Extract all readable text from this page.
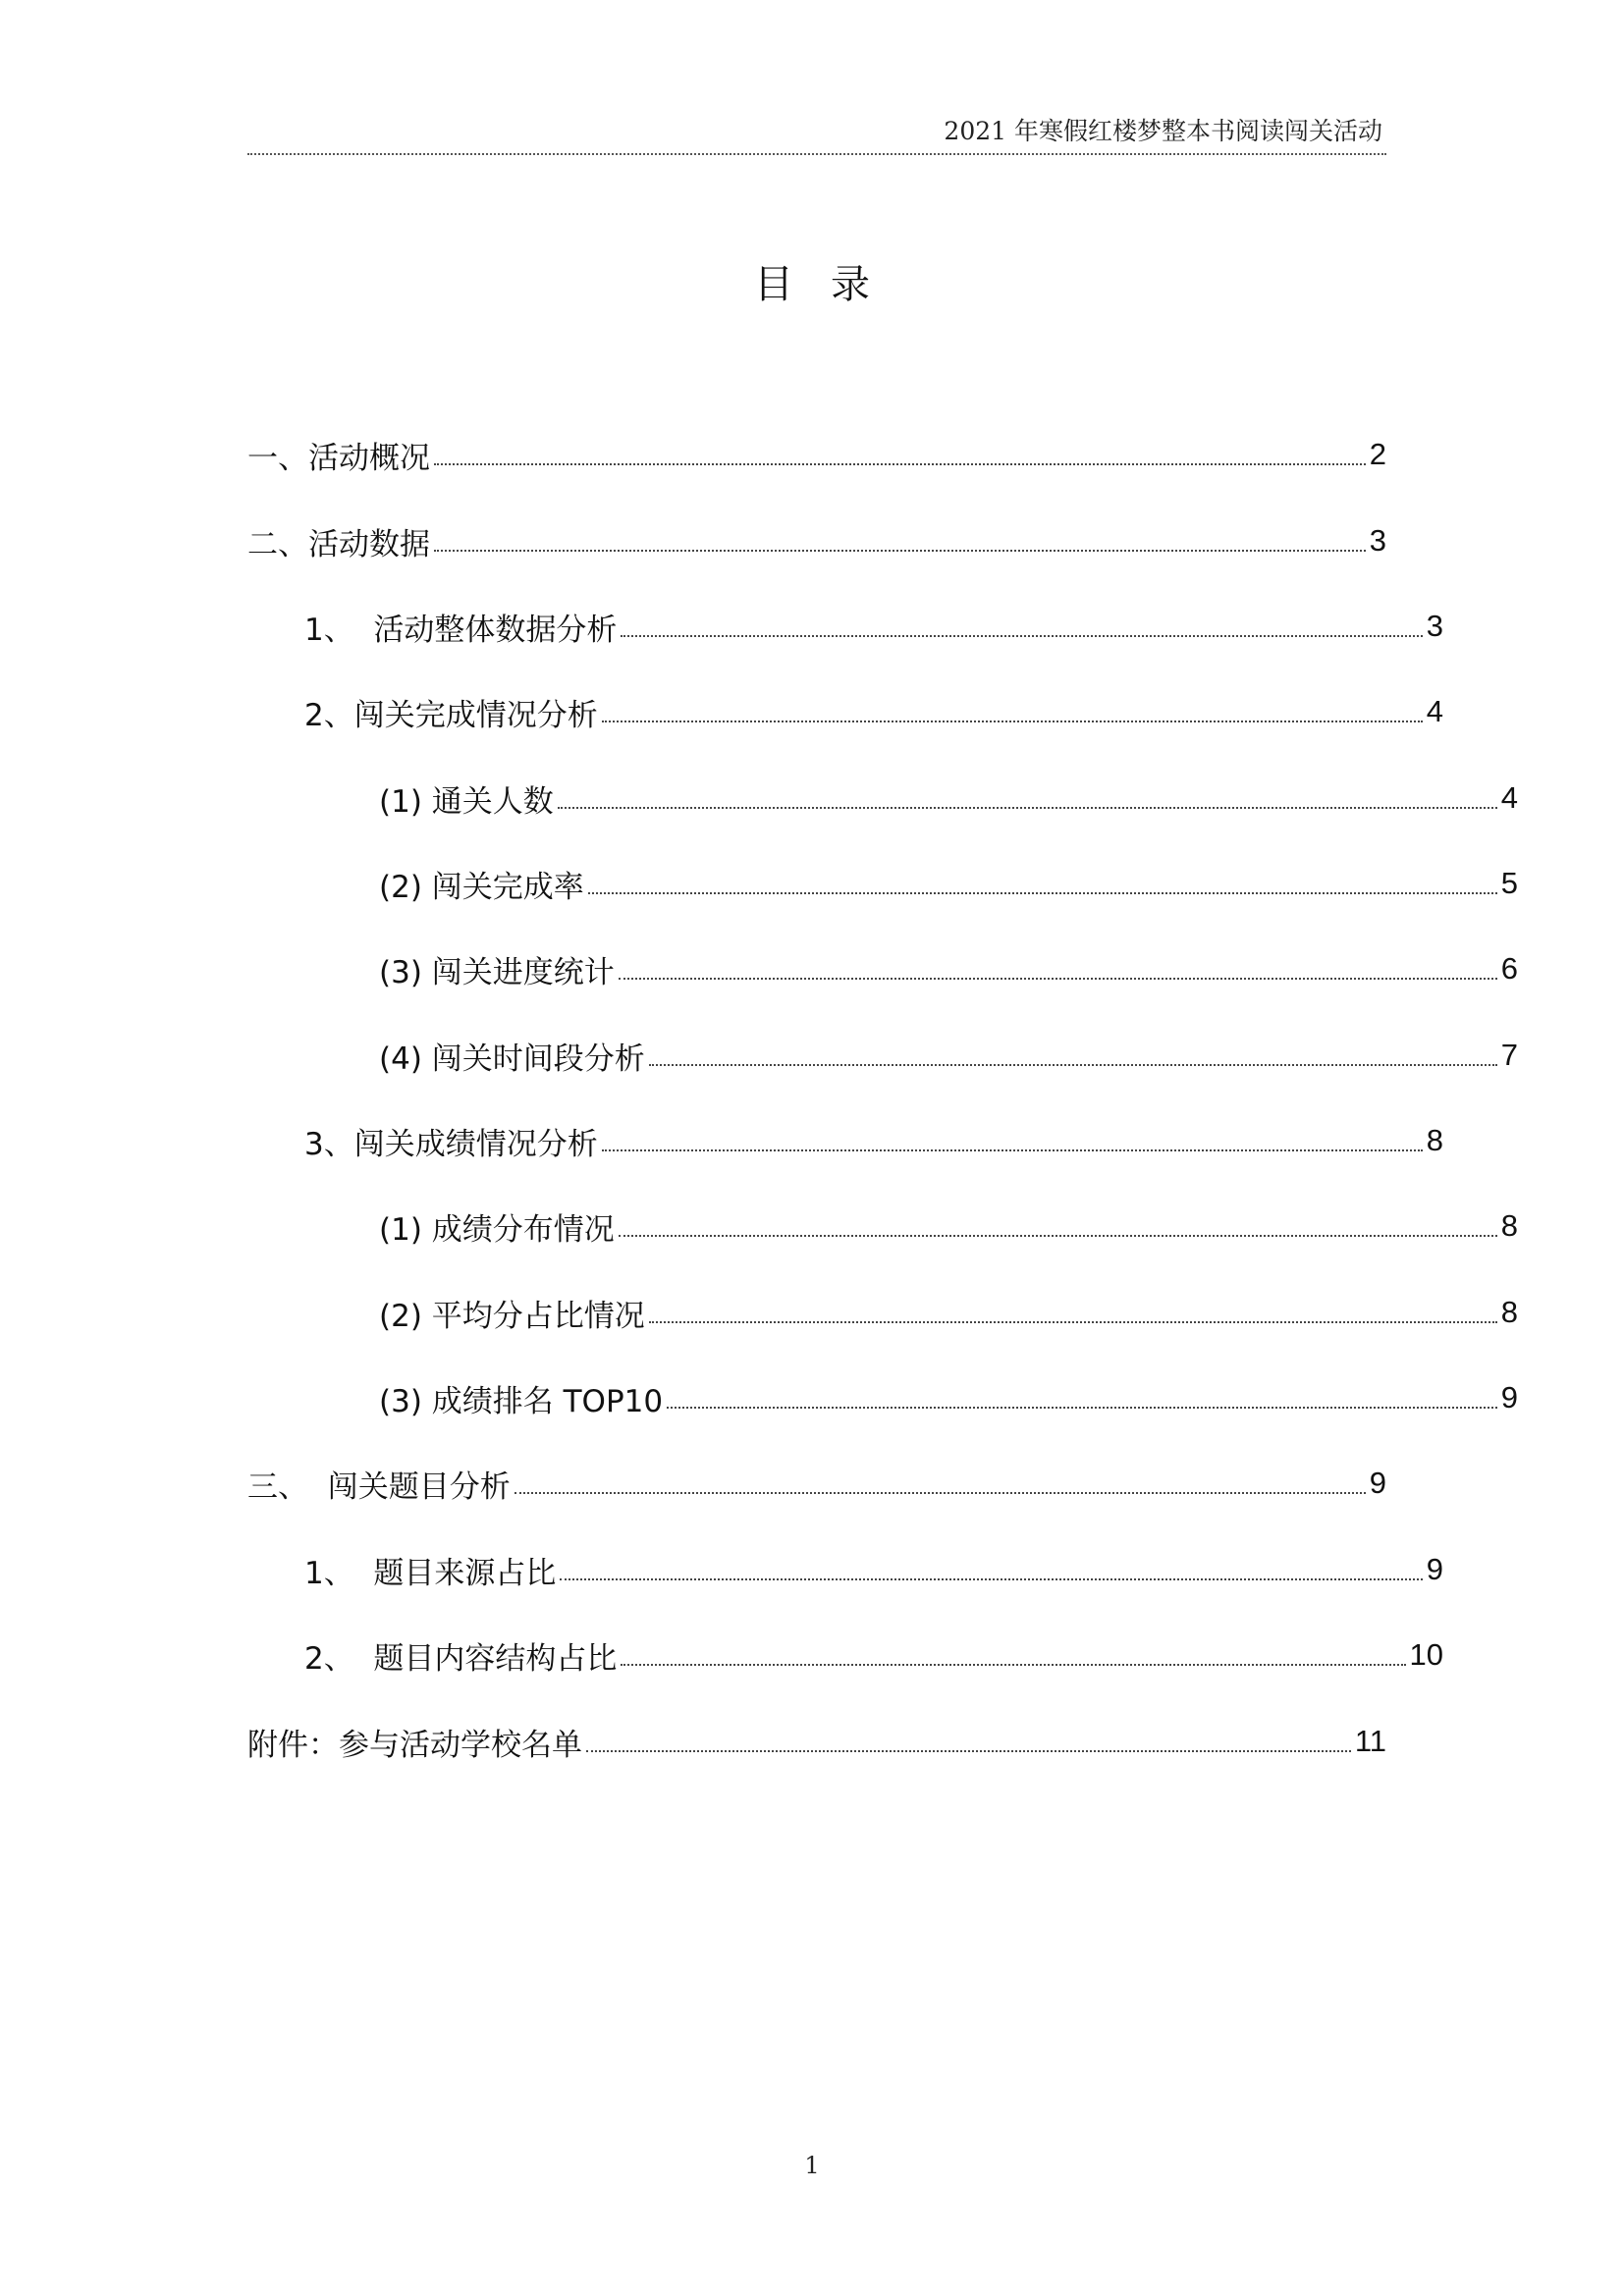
2021 年寒假红楼梦整本书阅读闯关活动
目录
一、活动概况	2
二、活动数据	3
1、  活动整体数据分析	3
2、闯关完成情况分析	4
(1) 通关人数	4
(2) 闯关完成率	5
(3) 闯关进度统计	6
(4) 闯关时间段分析	7
3、闯关成绩情况分析	8
(1) 成绩分布情况	8
(2) 平均分占比情况	8
(3) 成绩排名 TOP10	9
三、  闯关题目分析	9
1、  题目来源占比	9
2、  题目内容结构占比	10
附件：参与活动学校名单	11
1
